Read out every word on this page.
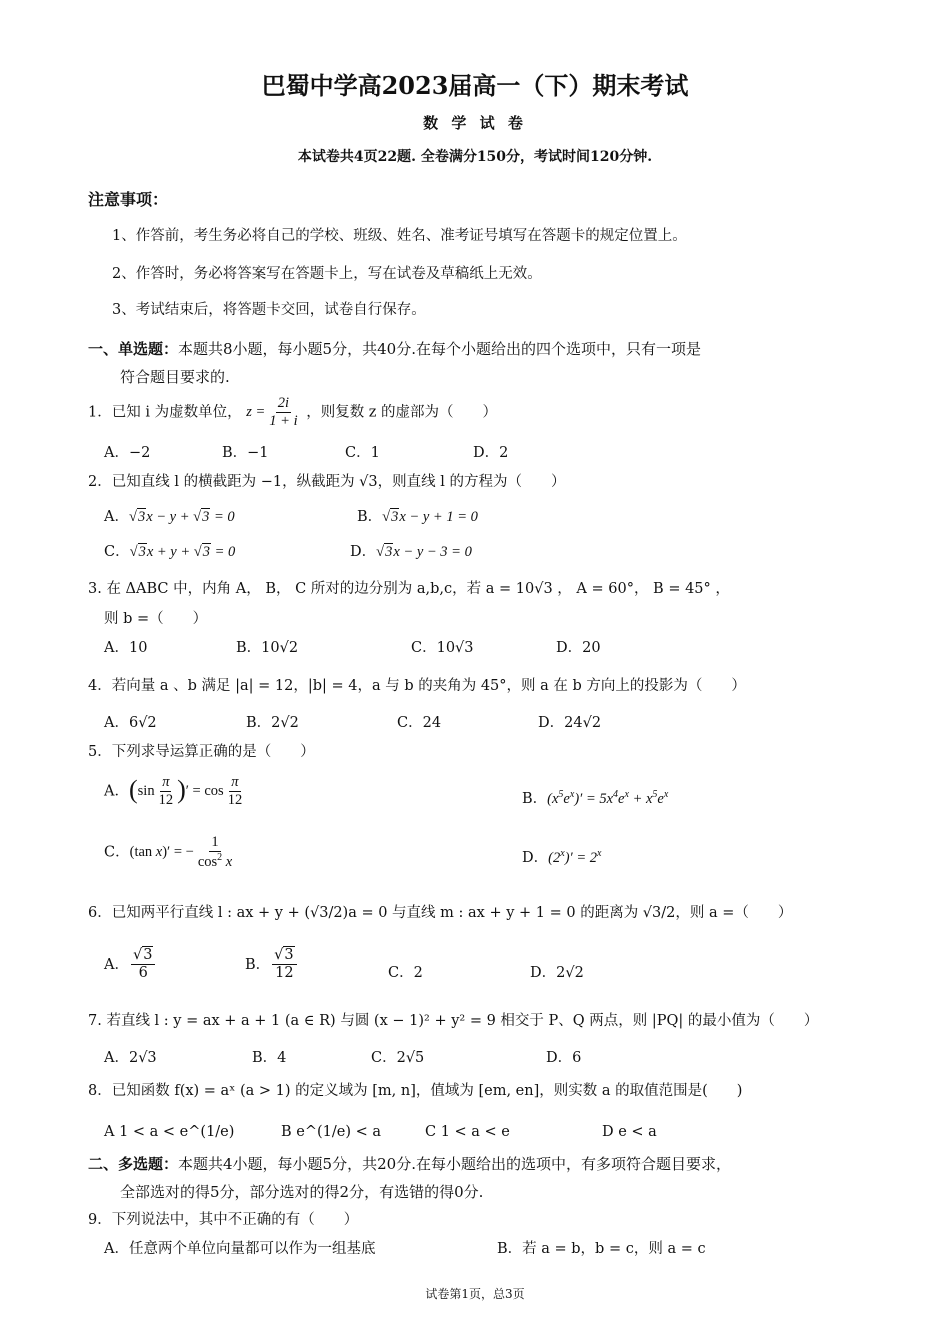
巴蜀中学高2023届高一（下）期末考试
数 学 试 卷
本试卷共4页22题. 全卷满分150分，考试时间120分钟.
注意事项：
1、作答前，考生务必将自己的学校、班级、姓名、准考证号填写在答题卡的规定位置上。
2、作答时，务必将答案写在答题卡上，写在试卷及草稿纸上无效。
3、考试结束后，将答题卡交回，试卷自行保存。
一、单选题：本题共8小题，每小题5分，共40分.在每个小题给出的四个选项中，只有一项是
符合题目要求的.
1．已知 i 为虚数单位， $z = \frac{2i}{1 + i}$ ，则复数 z 的虚部为（　　）
A．−2	B．−1	C．1	D．2
2．已知直线 l 的横截距为 −1，纵截距为 √3，则直线 l 的方程为（　　）
A．√3x − y + √3 = 0	B．√3x − y + 1 = 0
C．√3x + y + √3 = 0	D．√3x − y − 3 = 0
3. 在 ΔABC 中，内角 A， B， C 所对的边分别为 a,b,c，若 a = 10√3 ， A = 60°， B = 45° ，
则 b =（　　）
A．10	B．10√2	C．10√3	D．20
4．若向量 a 、b 满足 |a| = 12，|b| = 4，a 与 b 的夹角为 45°，则 a 在 b 方向上的投影为（　　）
A．6√2	B．2√2	C．24	D．24√2
5．下列求导运算正确的是（　　）
A．($\sin \frac{\pi}{12}$ )′ = $\cos \frac{\pi}{12}$	B．$(x^5e^x)' = 5x^4e^x + x^5e^x$
C．(tan x)′ = − $\frac{1}{\cos^2 x}$	D．$(2^x)' = 2^x$
6．已知两平行直线 l : ax + y + (√3/2)a = 0 与直线 m : ax + y + 1 = 0 的距离为 √3/2，则 a =（　　）
A． $\frac{√3}{6}$	B． $\frac{√3}{12}$	C．2	D．2√2
7. 若直线 l : y = ax + a + 1 (a ∈ R) 与圆 (x − 1)² + y² = 9 相交于 P、Q 两点，则 |PQ| 的最小值为（　　）
A．2√3	B．4	C．2√5	D．6
8．已知函数 f(x) = aˣ (a > 1) 的定义域为 [m, n]，值域为 [em, en]，则实数 a 的取值范围是(　　)
A 1 < a < e^(1/e)	B e^(1/e) < a	C 1 < a < e	D e < a
二、多选题：本题共4小题，每小题5分，共20分.在每小题给出的选项中，有多项符合题目要求，
全部选对的得5分，部分选对的得2分，有选错的得0分.
9．下列说法中，其中不正确的有（　　）
A．任意两个单位向量都可以作为一组基底	B．若 a = b，b = c，则 a = c
试卷第1页，总3页
